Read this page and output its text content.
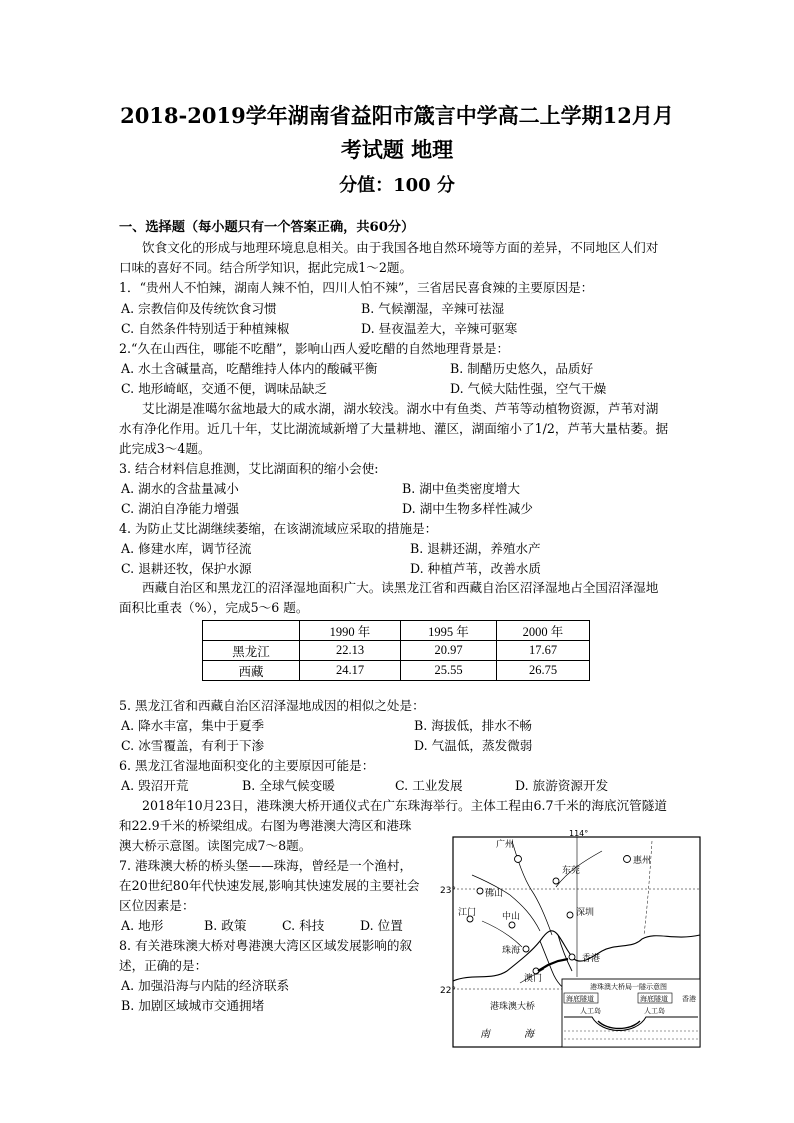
2018-2019学年湖南省益阳市箴言中学高二上学期12月月
考试题 地理
分值：100 分
一、选择题（每小题只有一个答案正确，共60分）
饮食文化的形成与地理环境息息相关。由于我国各地自然环境等方面的差异，不同地区人们对
口味的喜好不同。结合所学知识，据此完成1～2题。
1．“贵州人不怕辣，湖南人辣不怕，四川人怕不辣”，三省居民喜食辣的主要原因是：
A. 宗教信仰及传统饮食习惯	B. 气候潮湿，辛辣可祛湿
C. 自然条件特别适于种植辣椒	D. 昼夜温差大，辛辣可驱寒
2.“久在山西住，哪能不吃醋”，影响山西人爱吃醋的自然地理背景是：
A. 水土含碱量高，吃醋维持人体内的酸碱平衡	B. 制醋历史悠久，品质好
C. 地形崎岖，交通不便，调味品缺乏	D. 气候大陆性强，空气干燥
艾比湖是准噶尔盆地最大的咸水湖，湖水较浅。湖水中有鱼类、芦苇等动植物资源，芦苇对湖
水有净化作用。近几十年，艾比湖流域新增了大量耕地、灌区，湖面缩小了1/2，芦苇大量枯萎。据
此完成3～4题。
3. 结合材料信息推测，艾比湖面积的缩小会使:
A. 湖水的含盐量减小	B. 湖中鱼类密度增大
C. 湖泊自净能力增强	D. 湖中生物多样性减少
4. 为防止艾比湖继续萎缩，在该湖流域应采取的措施是：
A. 修建水库，调节径流	B. 退耕还湖，养殖水产
C. 退耕还牧，保护水源	D. 种植芦苇，改善水质
西藏自治区和黑龙江的沼泽湿地面积广大。读黑龙江省和西藏自治区沼泽湿地占全国沼泽湿地
面积比重表（%），完成5～6 题。
	1990 年	1995 年	2000 年
黑龙江	22.13	20.97	17.67
西藏	24.17	25.55	26.75
5. 黑龙江省和西藏自治区沼泽湿地成因的相似之处是：
A. 降水丰富，集中于夏季	B. 海拔低，排水不畅
C. 冰雪覆盖，有利于下渗	D. 气温低，蒸发微弱
6. 黑龙江省湿地面积变化的主要原因可能是：
A. 毁沼开荒	B. 全球气候变暖	C. 工业发展	D. 旅游资源开发
2018年10月23日，港珠澳大桥开通仪式在广东珠海举行。主体工程由6.7千米的海底沉管隧道
和22.9千米的桥梁组成。右图为粤港澳大湾区和港珠
澳大桥示意图。读图完成7～8题。
7. 港珠澳大桥的桥头堡——珠海，曾经是一个渔村，
在20世纪80年代快速发展,影响其快速发展的主要社会
区位因素是：
A. 地形	B. 政策	C. 科技	D. 位置
8. 有关港珠澳大桥对粤港澳大湾区区域发展影响的叙
述，正确的是：
A. 加强沿海与内陆的经济联系
B. 加剧区域城市交通拥堵
114°
23°
22°
广州
惠州
东莞
佛山
中山	深圳
江门
珠海
香港
澳门
港珠澳大桥
南	海
港珠澳大桥局一隧示意图
海底隧道	海底隧道
人工岛	人工岛
香港
